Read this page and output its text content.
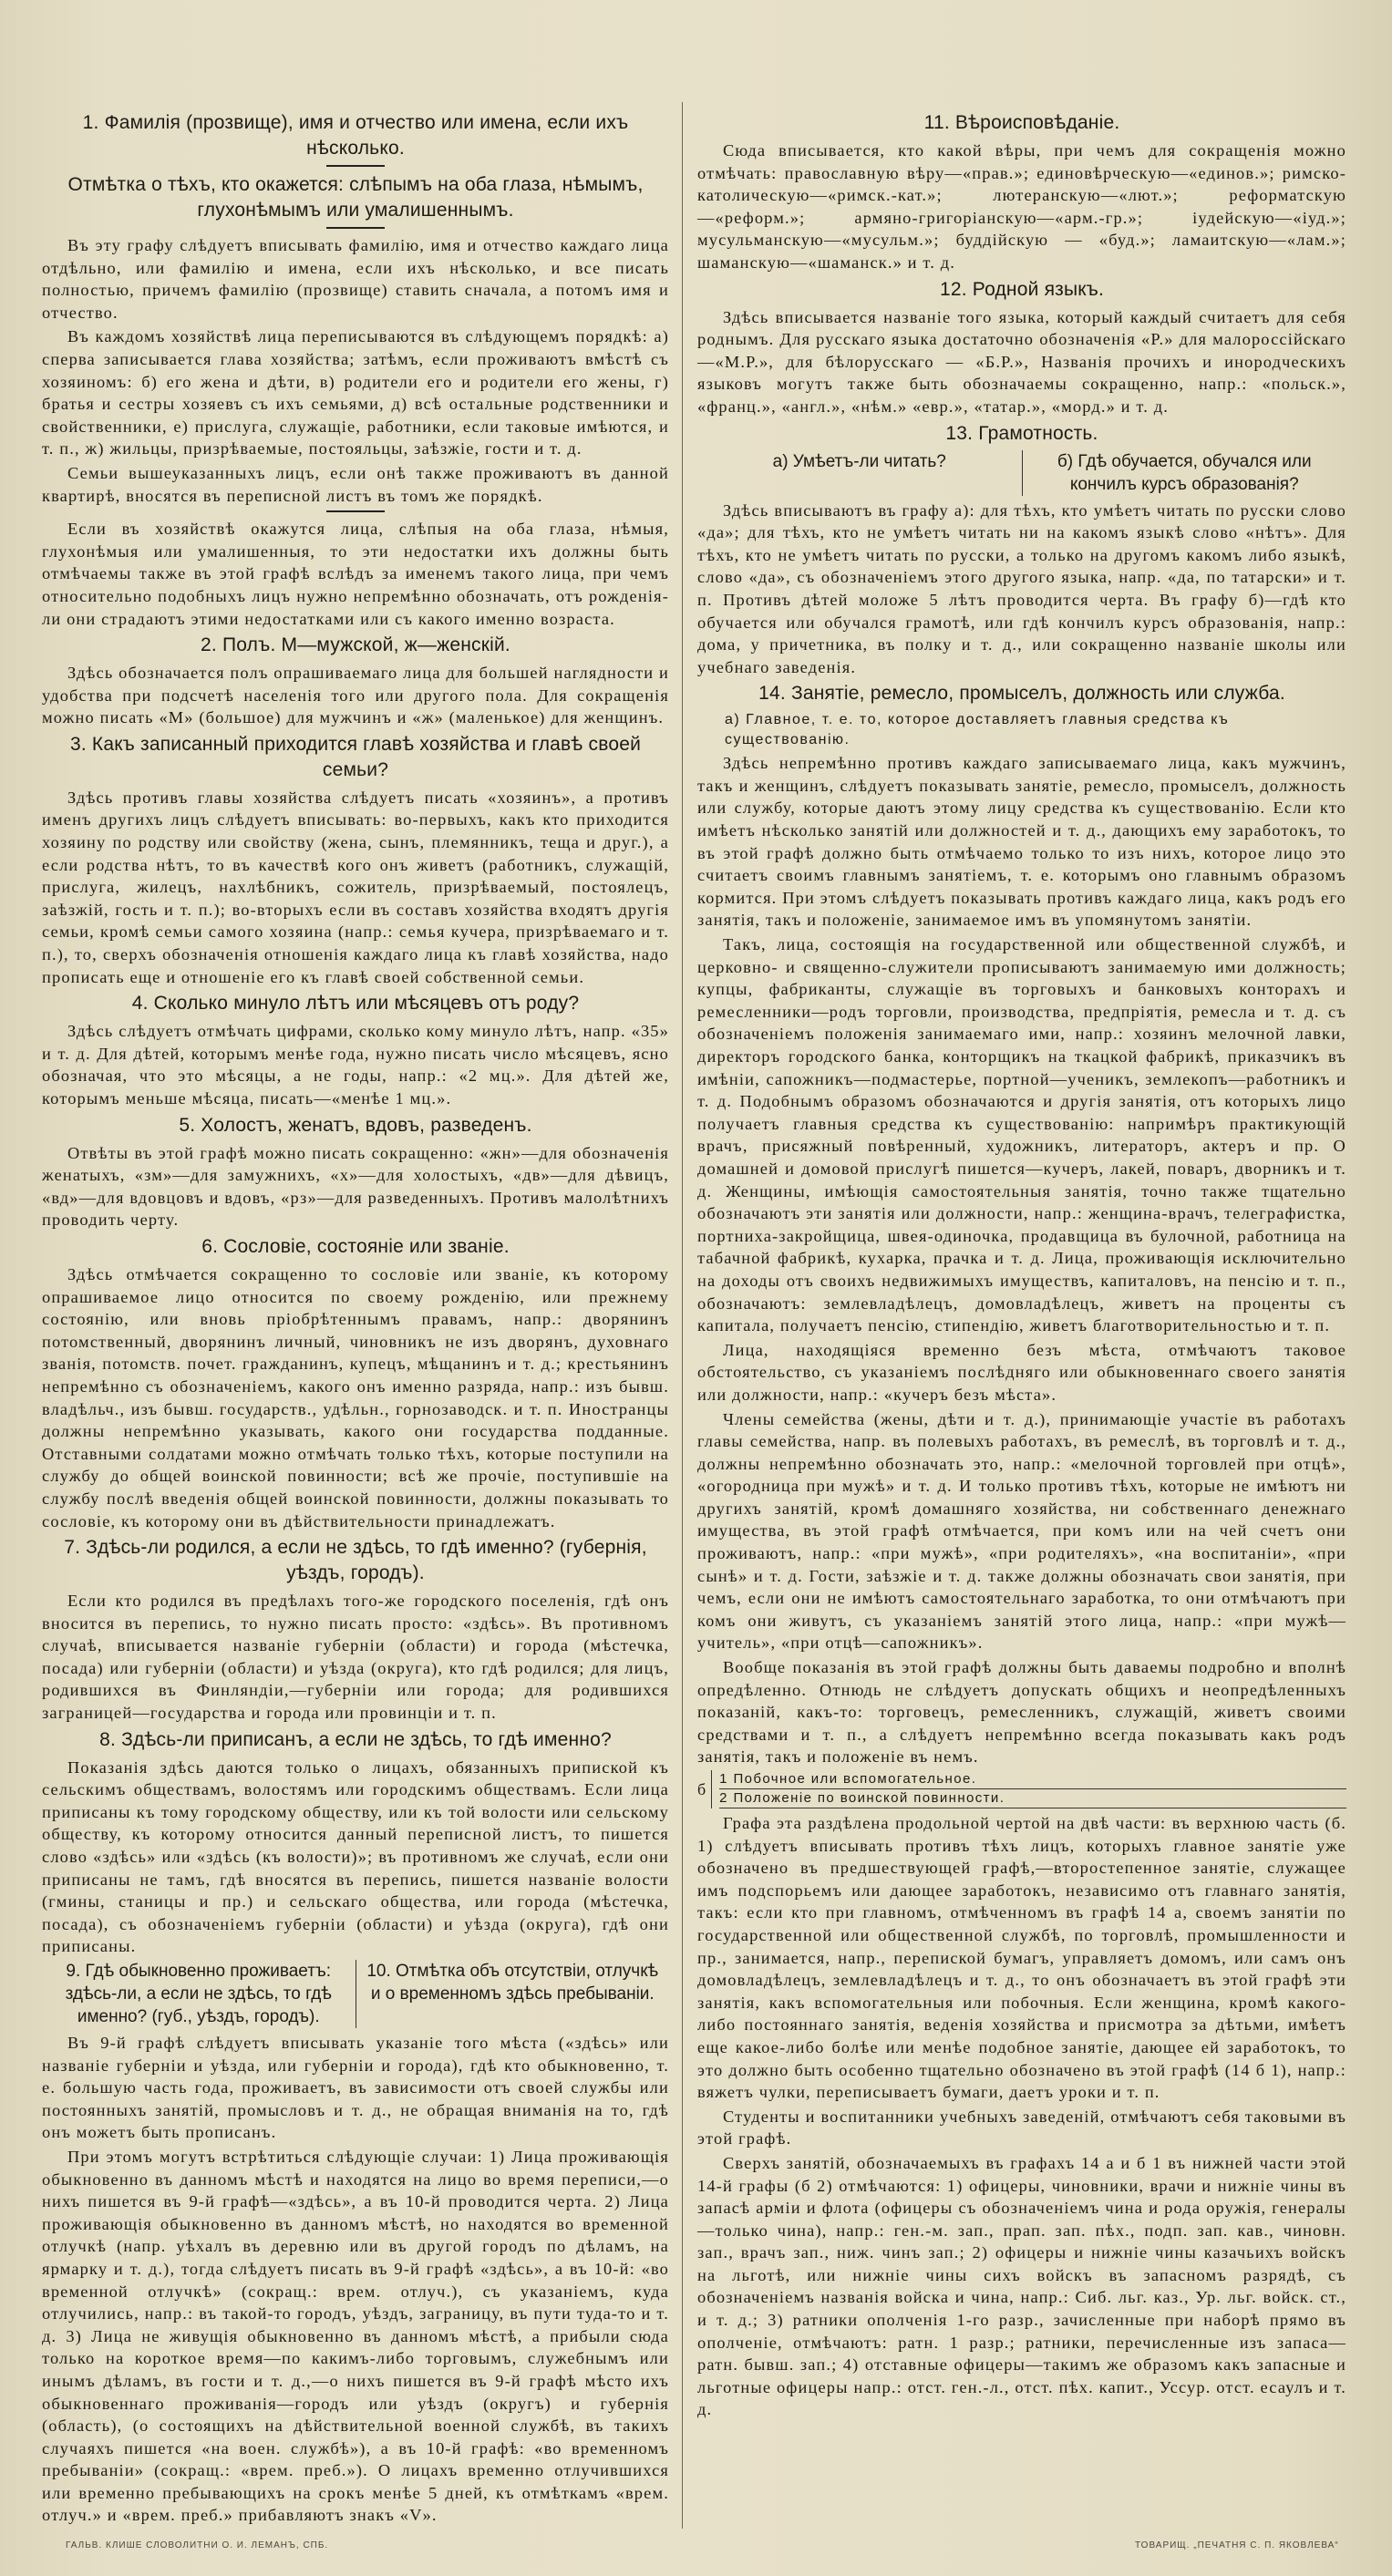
1. Фамилія (прозвище), имя и отчество или имена, если ихъ нѣсколько.
Отмѣтка о тѣхъ, кто окажется: слѣпымъ на оба глаза, нѣмымъ, глухонѣмымъ или умалишеннымъ.

Въ эту графу слѣдуетъ вписывать фамилію, имя и отчество каждаго лица отдѣльно, или фамилію и имена, если ихъ нѣсколько, и все писать полностью, причемъ фамилію (прозвище) ставить сначала, а потомъ имя и отчество.

Въ каждомъ хозяйствѣ лица переписываются въ слѣдующемъ порядкѣ: а) сперва записывается глава хозяйства; затѣмъ, если проживаютъ вмѣстѣ съ хозяиномъ: б) его жена и дѣти, в) родители его и родители его жены, г) братья и сестры хозяевъ съ ихъ семьями, д) всѣ остальные родственники и свойственники, е) прислуга, служащіе, работники, если таковые имѣются, и т. п., ж) жильцы, призрѣваемые, постояльцы, заѣзжіе, гости и т. д.

Семьи вышеуказанныхъ лицъ, если онѣ также проживаютъ въ данной квартирѣ, вносятся въ переписной листъ въ томъ же порядкѣ.

Если въ хозяйствѣ окажутся лица, слѣпыя на оба глаза, нѣмыя, глухонѣмыя или умалишенныя, то эти недостатки ихъ должны быть отмѣчаемы также въ этой графѣ вслѣдъ за именемъ такого лица, при чемъ относительно подобныхъ лицъ нужно непремѣнно обозначать, отъ рожденія-ли они страдаютъ этими недостатками или съ какого именно возраста.

2. Полъ. М—мужской, ж—женскій.

Здѣсь обозначается полъ опрашиваемаго лица для большей наглядности и удобства при подсчетѣ населенія того или другого пола. Для сокращенія можно писать «М» (большое) для мужчинъ и «ж» (маленькое) для женщинъ.

3. Какъ записанный приходится главѣ хозяйства и главѣ своей семьи?

Здѣсь противъ главы хозяйства слѣдуетъ писать «хозяинъ», а противъ именъ другихъ лицъ слѣдуетъ вписывать: во-первыхъ, какъ кто приходится хозяину по родству или свойству (жена, сынъ, племянникъ, теща и друг.), а если родства нѣтъ, то въ качествѣ кого онъ живетъ (работникъ, служащій, прислуга, жилецъ, нахлѣбникъ, сожитель, призрѣваемый, постоялецъ, заѣзжій, гость и т. п.); во-вторыхъ если въ составъ хозяйства входятъ другія семьи, кромѣ семьи самого хозяина (напр.: семья кучера, призрѣваемаго и т. п.), то, сверхъ обозначенія отношенія каждаго лица къ главѣ хозяйства, надо прописать еще и отношеніе его къ главѣ своей собственной семьи.

4. Сколько минуло лѣтъ или мѣсяцевъ отъ роду?

Здѣсь слѣдуетъ отмѣчать цифрами, сколько кому минуло лѣтъ, напр. «35» и т. д. Для дѣтей, которымъ менѣе года, нужно писать число мѣсяцевъ, ясно обозначая, что это мѣсяцы, а не годы, напр.: «2 мц.». Для дѣтей же, которымъ меньше мѣсяца, писать—«менѣе 1 мц.».

5. Холостъ, женатъ, вдовъ, разведенъ.

Отвѣты въ этой графѣ можно писать сокращенно: «жн»—для обозначенія женатыхъ, «зм»—для замужнихъ, «х»—для холостыхъ, «дв»—для дѣвицъ, «вд»—для вдовцовъ и вдовъ, «рз»—для разведенныхъ. Противъ малолѣтнихъ проводить черту.

6. Сословіе, состояніе или званіе.

Здѣсь отмѣчается сокращенно то сословіе или званіе, къ которому опрашиваемое лицо относится по своему рожденію, или прежнему состоянію, или вновь пріобрѣтеннымъ правамъ, напр.: дворянинъ потомственный, дворянинъ личный, чиновникъ не изъ дворянъ, духовнаго званія, потомств. почет. гражданинъ, купецъ, мѣщанинъ и т. д.; крестьянинъ непремѣнно съ обозначеніемъ, какого онъ именно разряда, напр.: изъ бывш. владѣльч., изъ бывш. государств., удѣльн., горнозаводск. и т. п. Иностранцы должны непремѣнно указывать, какого они государства подданные. Отставными солдатами можно отмѣчать только тѣхъ, которые поступили на службу до общей воинской повинности; всѣ же прочіе, поступившіе на службу послѣ введенія общей воинской повинности, должны показывать то сословіе, къ которому они въ дѣйствительности принадлежатъ.

7. Здѣсь-ли родился, а если не здѣсь, то гдѣ именно? (губернія, уѣздъ, городъ).

Если кто родился въ предѣлахъ того-же городского поселенія, гдѣ онъ вносится въ перепись, то нужно писать просто: «здѣсь». Въ противномъ случаѣ, вписывается названіе губерніи (области) и города (мѣстечка, посада) или губерніи (области) и уѣзда (округа), кто гдѣ родился; для лицъ, родившихся въ Финляндіи,—губерніи или города; для родившихся заграницей—государства и города или провинціи и т. п.

8. Здѣсь-ли приписанъ, а если не здѣсь, то гдѣ именно?

Показанія здѣсь даются только о лицахъ, обязанныхъ припиской къ сельскимъ обществамъ, волостямъ или городскимъ обществамъ. Если лица приписаны къ тому городскому обществу, или къ той волости или сельскому обществу, къ которому относится данный переписной листъ, то пишется слово «здѣсь» или «здѣсь (къ волости)»; въ противномъ же случаѣ, если они приписаны не тамъ, гдѣ вносятся въ перепись, пишется названіе волости (гмины, станицы и пр.) и сельскаго общества, или города (мѣстечка, посада), съ обозначеніемъ губерніи (области) и уѣзда (округа), гдѣ они приписаны.

9. Гдѣ обыкновенно проживаетъ: здѣсь-ли, а если не здѣсь, то гдѣ именно? (губ., уѣздъ, городъ).
10. Отмѣтка объ отсутствіи, отлучкѣ и о временномъ здѣсь пребываніи.

Въ 9-й графѣ слѣдуетъ вписывать указаніе того мѣста («здѣсь» или названіе губерніи и уѣзда, или губерніи и города), гдѣ кто обыкновенно, т. е. большую часть года, проживаетъ, въ зависимости отъ своей службы или постоянныхъ занятій, промысловъ и т. д., не обращая вниманія на то, гдѣ онъ можетъ быть прописанъ.

При этомъ могутъ встрѣтиться слѣдующіе случаи: 1) Лица проживающія обыкновенно въ данномъ мѣстѣ и находятся на лицо во время переписи,—о нихъ пишется въ 9-й графѣ—«здѣсь», а въ 10-й проводится черта. 2) Лица проживающія обыкновенно въ данномъ мѣстѣ, но находятся во временной отлучкѣ (напр. уѣхалъ въ деревню или въ другой городъ по дѣламъ, на ярмарку и т. д.), тогда слѣдуетъ писать въ 9-й графѣ «здѣсь», а въ 10-й: «во временной отлучкѣ» (сокращ.: врем. отлуч.), съ указаніемъ, куда отлучились, напр.: въ такой-то городъ, уѣздъ, заграницу, въ пути туда-то и т. д. 3) Лица не живущія обыкновенно въ данномъ мѣстѣ, а прибыли сюда только на короткое время—по какимъ-либо торговымъ, служебнымъ или инымъ дѣламъ, въ гости и т. д.,—о нихъ пишется въ 9-й графѣ мѣсто ихъ обыкновеннаго проживанія—городъ или уѣздъ (округъ) и губернія (область), (о состоящихъ на дѣйствительной военной службѣ, въ такихъ случаяхъ пишется «на воен. службѣ»), а въ 10-й графѣ: «во временномъ пребываніи» (сокращ.: «врем. преб.»). О лицахъ временно отлучившихся или временно пребывающихъ на срокъ менѣе 5 дней, къ отмѣткамъ «врем. отлуч.» и «врем. преб.» прибавляютъ знакъ «V».

11. Вѣроисповѣданіе.

Сюда вписывается, кто какой вѣры, при чемъ для сокращенія можно отмѣчать: православную вѣру—«прав.»; единовѣрческую—«единов.»; римско-католическую—«римск.-кат.»; лютеранскую—«лют.»; реформатскую—«реформ.»; армяно-григоріанскую—«арм.-гр.»; іудейскую—«іуд.»; мусульманскую—«мусульм.»; буддійскую — «буд.»; ламаитскую—«лам.»; шаманскую—«шаманск.» и т. д.

12. Родной языкъ.

Здѣсь вписывается названіе того языка, который каждый считаетъ для себя роднымъ. Для русскаго языка достаточно обозначенія «Р.» для малороссійскаго—«М.Р.», для бѣлорусскаго — «Б.Р.», Названія прочихъ и инородческихъ языковъ могутъ также быть обозначаемы сокращенно, напр.: «польск.», «франц.», «англ.», «нѣм.» «евр.», «татар.», «морд.» и т. д.

13. Грамотность.
а) Умѣетъ-ли читать?	б) Гдѣ обучается, обучался или кончилъ курсъ образованія?

Здѣсь вписываютъ въ графу а): для тѣхъ, кто умѣетъ читать по русски слово «да»; для тѣхъ, кто не умѣетъ читать ни на какомъ языкѣ слово «нѣтъ». Для тѣхъ, кто не умѣетъ читать по русски, а только на другомъ какомъ либо языкѣ, слово «да», съ обозначеніемъ этого другого языка, напр. «да, по татарски» и т. п. Противъ дѣтей моложе 5 лѣтъ проводится черта. Въ графу б)—гдѣ кто обучается или обучался грамотѣ, или гдѣ кончилъ курсъ образованія, напр.: дома, у причетника, въ полку и т. д., или сокращенно названіе школы или учебнаго заведенія.

14. Занятіе, ремесло, промыселъ, должность или служба.
а) Главное, т. е. то, которое доставляетъ главныя средства къ существованію.

Здѣсь непремѣнно противъ каждаго записываемаго лица, какъ мужчинъ, такъ и женщинъ, слѣдуетъ показывать занятіе, ремесло, промыселъ, должность или службу, которые даютъ этому лицу средства къ существованію. Если кто имѣетъ нѣсколько занятій или должностей и т. д., дающихъ ему заработокъ, то въ этой графѣ должно быть отмѣчаемо только то изъ нихъ, которое лицо это считаетъ своимъ главнымъ занятіемъ, т. е. которымъ оно главнымъ образомъ кормится. При этомъ слѣдуетъ показывать противъ каждаго лица, какъ родъ его занятія, такъ и положеніе, занимаемое имъ въ упомянутомъ занятіи.

Такъ, лица, состоящія на государственной или общественной службѣ, и церковно- и священно-служители прописываютъ занимаемую ими должность; купцы, фабриканты, служащіе въ торговыхъ и банковыхъ конторахъ и ремесленники—родъ торговли, производства, предпріятія, ремесла и т. д. съ обозначеніемъ положенія занимаемаго ими, напр.: хозяинъ мелочной лавки, директоръ городского банка, конторщикъ на ткацкой фабрикѣ, приказчикъ въ имѣніи, сапожникъ—подмастерье, портной—ученикъ, землекопъ—работникъ и т. д. Подобнымъ образомъ обозначаются и другія занятія, отъ которыхъ лицо получаетъ главныя средства къ существованію: напримѣръ практикующій врачъ, присяжный повѣренный, художникъ, литераторъ, актеръ и пр. О домашней и домовой прислугѣ пишется—кучеръ, лакей, поваръ, дворникъ и т. д. Женщины, имѣющія самостоятельныя занятія, точно также тщательно обозначаютъ эти занятія или должности, напр.: женщина-врачъ, телеграфистка, портниха-закройщица, швея-одиночка, продавщица въ булочной, работница на табачной фабрикѣ, кухарка, прачка и т. д. Лица, проживающія исключительно на доходы отъ своихъ недвижимыхъ имуществъ, капиталовъ, на пенсію и т. п., обозначаютъ: землевладѣлецъ, домовладѣлецъ, живетъ на проценты съ капитала, получаетъ пенсію, стипендію, живетъ благотворительностью и т. п.

Лица, находящіяся временно безъ мѣста, отмѣчаютъ таковое обстоятельство, съ указаніемъ послѣдняго или обыкновеннаго своего занятія или должности, напр.: «кучеръ безъ мѣста».

Члены семейства (жены, дѣти и т. д.), принимающіе участіе въ работахъ главы семейства, напр. въ полевыхъ работахъ, въ ремеслѣ, въ торговлѣ и т. д., должны непремѣнно обозначать это, напр.: «мелочной торговлей при отцѣ», «огородница при мужѣ» и т. д. И только противъ тѣхъ, которые не имѣютъ ни другихъ занятій, кромѣ домашняго хозяйства, ни собственнаго денежнаго имущества, въ этой графѣ отмѣчается, при комъ или на чей счетъ они проживаютъ, напр.: «при мужѣ», «при родителяхъ», «на воспитаніи», «при сынѣ» и т. д. Гости, заѣзжіе и т. д. также должны обозначать свои занятія, при чемъ, если они не имѣютъ самостоятельнаго заработка, то они отмѣчаютъ при комъ они живутъ, съ указаніемъ занятій этого лица, напр.: «при мужѣ—учитель», «при отцѣ—сапожникъ».

Вообще показанія въ этой графѣ должны быть даваемы подробно и вполнѣ опредѣленно. Отнюдь не слѣдуетъ допускать общихъ и неопредѣленныхъ показаній, какъ-то: торговецъ, ремесленникъ, служащій, живетъ своими средствами и т. п., а слѣдуетъ непремѣнно всегда показывать какъ родъ занятія, такъ и положеніе въ немъ.

б
1 Побочное или вспомогательное.
2 Положеніе по воинской повинности.

Графа эта раздѣлена продольной чертой на двѣ части: въ верхнюю часть (б. 1) слѣдуетъ вписывать противъ тѣхъ лицъ, которыхъ главное занятіе уже обозначено въ предшествующей графѣ,—второстепенное занятіе, служащее имъ подспорьемъ или дающее заработокъ, независимо отъ главнаго занятія, такъ: если кто при главномъ, отмѣченномъ въ графѣ 14 а, своемъ занятіи по государственной или общественной службѣ, по торговлѣ, промышленности и пр., занимается, напр., перепиской бумагъ, управляетъ домомъ, или самъ онъ домовладѣлецъ, землевладѣлецъ и т. д., то онъ обозначаетъ въ этой графѣ эти занятія, какъ вспомогательныя или побочныя. Если женщина, кромѣ какого-либо постояннаго занятія, веденія хозяйства и присмотра за дѣтьми, имѣетъ еще какое-либо болѣе или менѣе подобное занятіе, дающее ей заработокъ, то это должно быть особенно тщательно обозначено въ этой графѣ (14 б 1), напр.: вяжетъ чулки, переписываетъ бумаги, даетъ уроки и т. п.

Студенты и воспитанники учебныхъ заведеній, отмѣчаютъ себя таковыми въ этой графѣ.

Сверхъ занятій, обозначаемыхъ въ графахъ 14 а и б 1 въ нижней части этой 14-й графы (б 2) отмѣчаются: 1) офицеры, чиновники, врачи и нижніе чины въ запасѣ арміи и флота (офицеры съ обозначеніемъ чина и рода оружія, генералы—только чина), напр.: ген.-м. зап., прап. зап. пѣх., подп. зап. кав., чиновн. зап., врачъ зап., ниж. чинъ зап.; 2) офицеры и нижніе чины казачьихъ войскъ на льготѣ, или нижніе чины сихъ войскъ въ запасномъ разрядѣ, съ обозначеніемъ названія войска и чина, напр.: Сиб. льг. каз., Ур. льг. войск. ст., и т. д.; 3) ратники ополченія 1-го разр., зачисленные при наборѣ прямо въ ополченіе, отмѣчаютъ: ратн. 1 разр.; ратники, перечисленные изъ запаса—ратн. бывш. зап.; 4) отставные офицеры—такимъ же образомъ какъ запасные и льготные офицеры напр.: отст. ген.-л., отст. пѣх. капит., Уссур. отст. есаулъ и т. д.

ГАЛЬВ. КЛИШЕ СЛОВОЛИТНИ О. И. ЛЕМАНЪ, СПБ.	ТОВАРИЩ. „ПЕЧАТНЯ С. П. ЯКОВЛЕВА“
